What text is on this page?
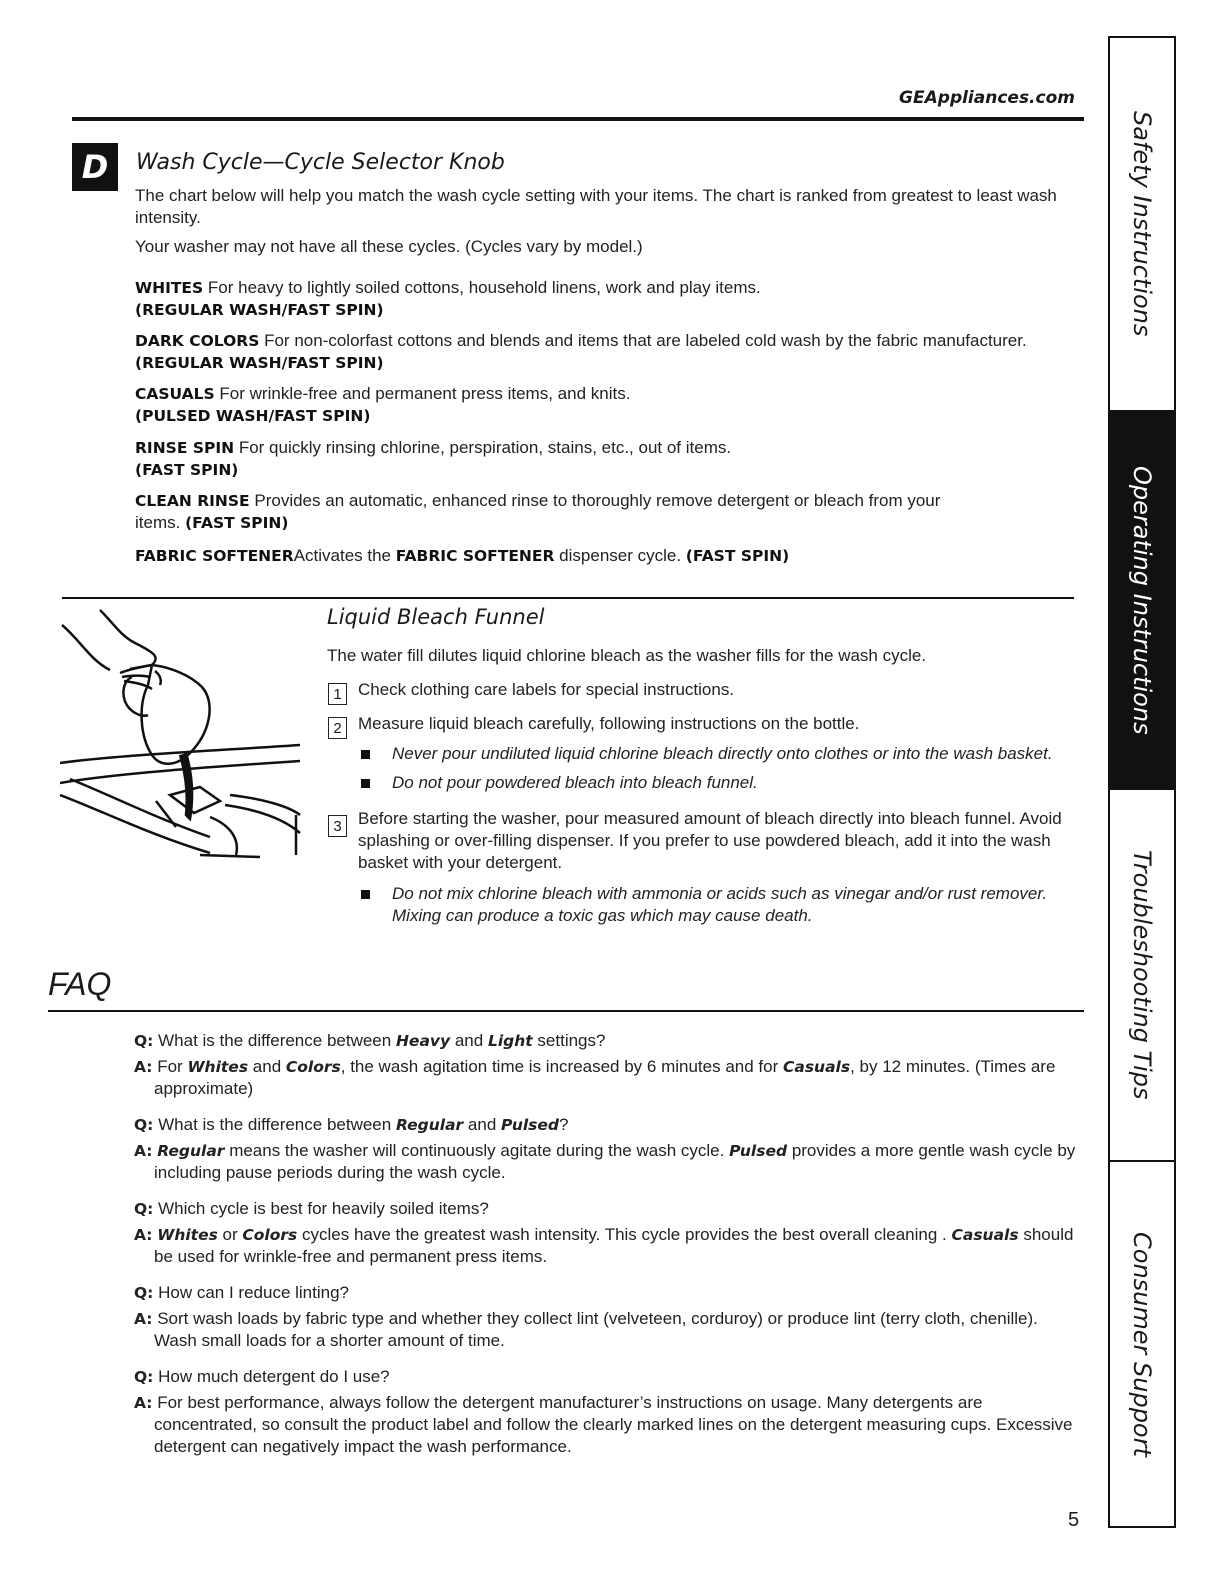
GEAppliances.com
D	Wash Cycle—Cycle Selector Knob
The chart below will help you match the wash cycle setting with your items. The chart is ranked from greatest to least wash intensity.
Your washer may not have all these cycles. (Cycles vary by model.)
WHITES For heavy to lightly soiled cottons, household linens, work and play items.
(REGULAR WASH/FAST SPIN)
DARK COLORS For non-colorfast cottons and blends and items that are labeled cold wash by the fabric manufacturer.
(REGULAR WASH/FAST SPIN)
CASUALS For wrinkle-free and permanent press items, and knits.
(PULSED WASH/FAST SPIN)
RINSE SPIN For quickly rinsing chlorine, perspiration, stains, etc., out of items.
(FAST SPIN)
CLEAN RINSE Provides an automatic, enhanced rinse to thoroughly remove detergent or bleach from your items. (FAST SPIN)
FABRIC SOFTENERActivates the FABRIC SOFTENER dispenser cycle. (FAST SPIN)
Liquid Bleach Funnel
The water fill dilutes liquid chlorine bleach as the washer fills for the wash cycle.
1 Check clothing care labels for special instructions.
2 Measure liquid bleach carefully, following instructions on the bottle.
Never pour undiluted liquid chlorine bleach directly onto clothes or into the wash basket.
Do not pour powdered bleach into bleach funnel.
3 Before starting the washer, pour measured amount of bleach directly into bleach funnel. Avoid splashing or over-filling dispenser. If you prefer to use powdered bleach, add it into the wash basket with your detergent.
Do not mix chlorine bleach with ammonia or acids such as vinegar and/or rust remover. Mixing can produce a toxic gas which may cause death.
FAQ
Q: What is the difference between Heavy and Light settings?
A: For Whites and Colors, the wash agitation time is increased by 6 minutes and for Casuals, by 12 minutes. (Times are approximate)
Q: What is the difference between Regular and Pulsed?
A: Regular means the washer will continuously agitate during the wash cycle. Pulsed provides a more gentle wash cycle by including pause periods during the wash cycle.
Q: Which cycle is best for heavily soiled items?
A: Whites or Colors cycles have the greatest wash intensity. This cycle provides the best overall cleaning . Casuals should be used for wrinkle-free and permanent press items.
Q: How can I reduce linting?
A: Sort wash loads by fabric type and whether they collect lint (velveteen, corduroy) or produce lint (terry cloth, chenille). Wash small loads for a shorter amount of time.
Q: How much detergent do I use?
A: For best performance, always follow the detergent manufacturer’s instructions on usage. Many detergents are concentrated, so consult the product label and follow the clearly marked lines on the detergent measuring cups. Excessive detergent can negatively impact the wash performance.
5
Safety Instructions
Operating Instructions
Troubleshooting Tips
Consumer Support
